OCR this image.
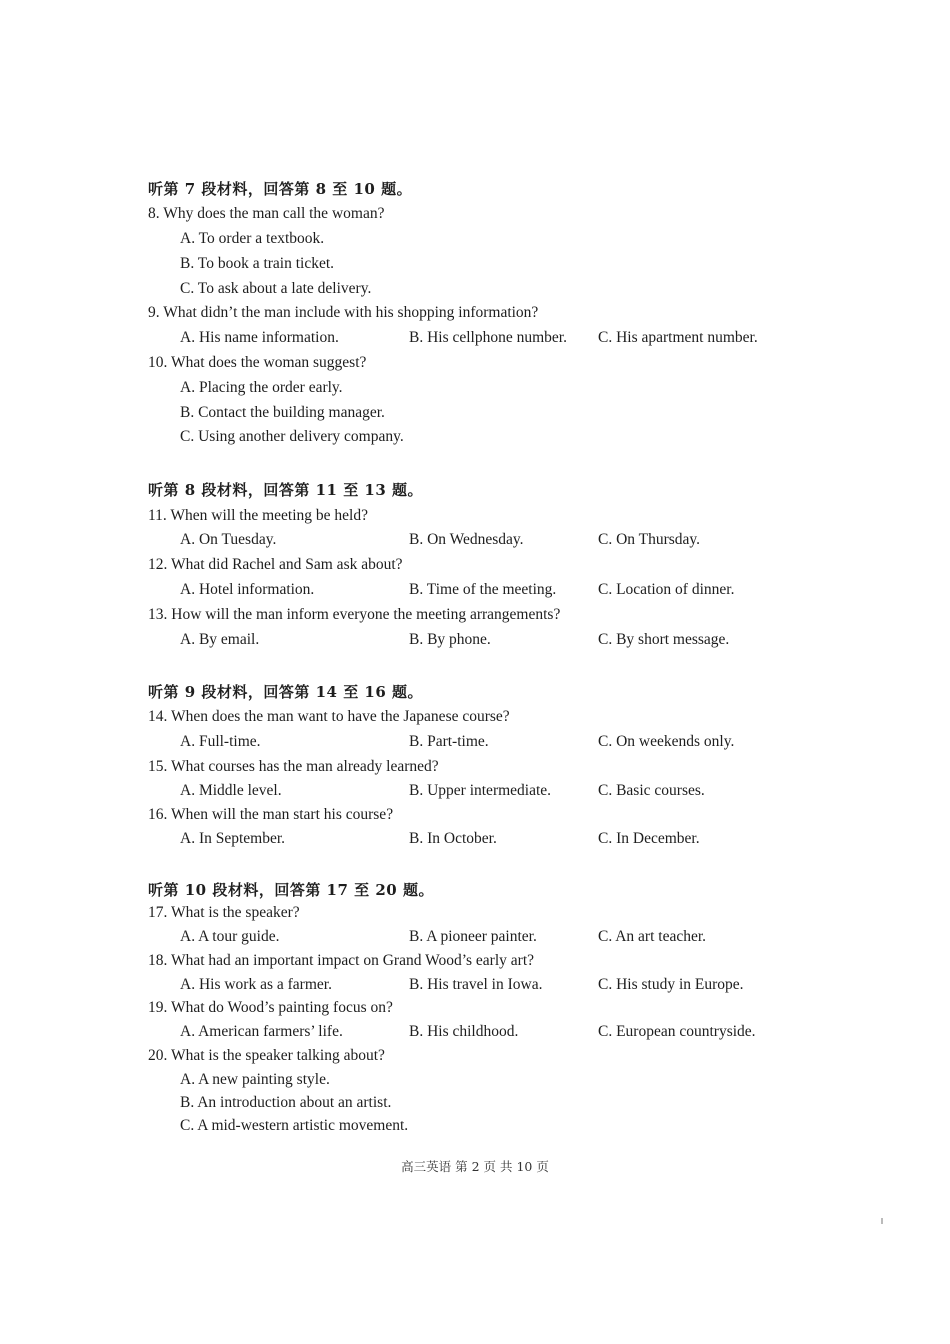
听第 7 段材料，回答第 8 至 10 题。
8. Why does the man call the woman?
A. To order a textbook.
B. To book a train ticket.
C. To ask about a late delivery.
9. What didn’t the man include with his shopping information?
A. His name information.	B. His cellphone number. C. His apartment number.
10. What does the woman suggest?
A. Placing the order early.
B. Contact the building manager.
C. Using another delivery company.
听第 8 段材料，回答第 11 至 13 题。
11. When will the meeting be held?
A. On Tuesday.	B. On Wednesday.	C. On Thursday.
12. What did Rachel and Sam ask about?
A. Hotel information.	B. Time of the meeting.	C. Location of dinner.
13. How will the man inform everyone the meeting arrangements?
A. By email.	B. By phone.	C. By short message.
听第 9 段材料，回答第 14 至 16 题。
14. When does the man want to have the Japanese course?
A. Full-time.	B. Part-time.	C. On weekends only.
15. What courses has the man already learned?
A. Middle level.	B. Upper intermediate.	C. Basic courses.
16. When will the man start his course?
A. In September.	B. In October.	C. In December.
听第 10 段材料，回答第 17 至 20 题。
17. What is the speaker?
A. A tour guide.	B. A pioneer painter.	C. An art teacher.
18. What had an important impact on Grand Wood’s early art?
A. His work as a farmer.	B. His travel in Iowa.	C. His study in Europe.
19. What do Wood’s painting focus on?
A. American farmers’ life.	B. His childhood.	C. European countryside.
20. What is the speaker talking about?
A. A new painting style.
B. An introduction about an artist.
C. A mid-western artistic movement.
高三英语 第 2 页 共 10 页
